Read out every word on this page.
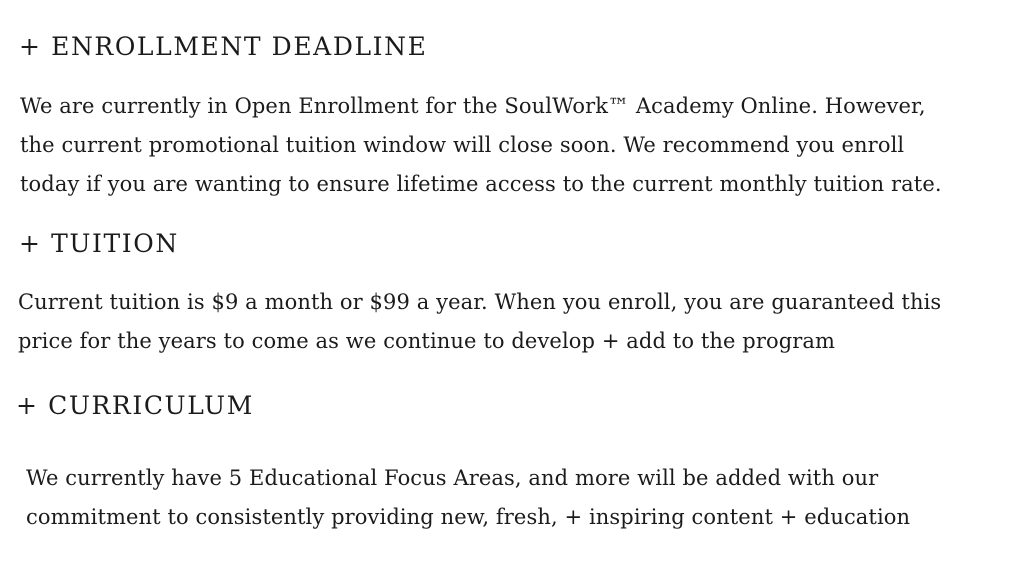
+ ENROLLMENT DEADLINE
We are currently in Open Enrollment for the SoulWork™ Academy Online. However,
the current promotional tuition window will close soon. We recommend you enroll
today if you are wanting to ensure lifetime access to the current monthly tuition rate.
+ TUITION
Current tuition is $9 a month or $99 a year. When you enroll, you are guaranteed this
price for the years to come as we continue to develop + add to the program
+ CURRICULUM
We currently have 5 Educational Focus Areas, and more will be added with our
commitment to consistently providing new, fresh, + inspiring content + education
